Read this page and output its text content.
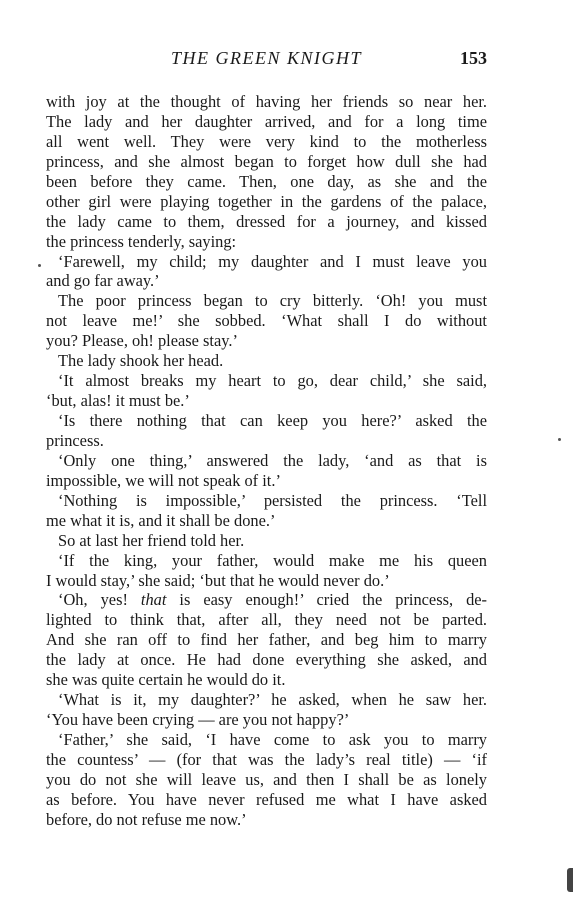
THE GREEN KNIGHT	153
with joy at the thought of having her friends so near her.
The lady and her daughter arrived, and for a long time
all went well. They were very kind to the motherless
princess, and she almost began to forget how dull she had
been before they came. Then, one day, as she and the
other girl were playing together in the gardens of the palace,
the lady came to them, dressed for a journey, and kissed
the princess tenderly, saying:
‘Farewell, my child; my daughter and I must leave you
and go far away.’
The poor princess began to cry bitterly. ‘Oh! you must
not leave me!’ she sobbed. ‘What shall I do without
you? Please, oh! please stay.’
The lady shook her head.
‘It almost breaks my heart to go, dear child,’ she said,
‘but, alas! it must be.’
‘Is there nothing that can keep you here?’ asked the
princess.
‘Only one thing,’ answered the lady, ‘and as that is
impossible, we will not speak of it.’
‘Nothing is impossible,’ persisted the princess. ‘Tell
me what it is, and it shall be done.’
So at last her friend told her.
‘If the king, your father, would make me his queen
I would stay,’ she said; ‘but that he would never do.’
‘Oh, yes! that is easy enough!’ cried the princess, de-
lighted to think that, after all, they need not be parted.
And she ran off to find her father, and beg him to marry
the lady at once. He had done everything she asked, and
she was quite certain he would do it.
‘What is it, my daughter?’ he asked, when he saw her.
‘You have been crying — are you not happy?’
‘Father,’ she said, ‘I have come to ask you to marry
the countess’ — (for that was the lady’s real title) — ‘if
you do not she will leave us, and then I shall be as lonely
as before. You have never refused me what I have asked
before, do not refuse me now.’
